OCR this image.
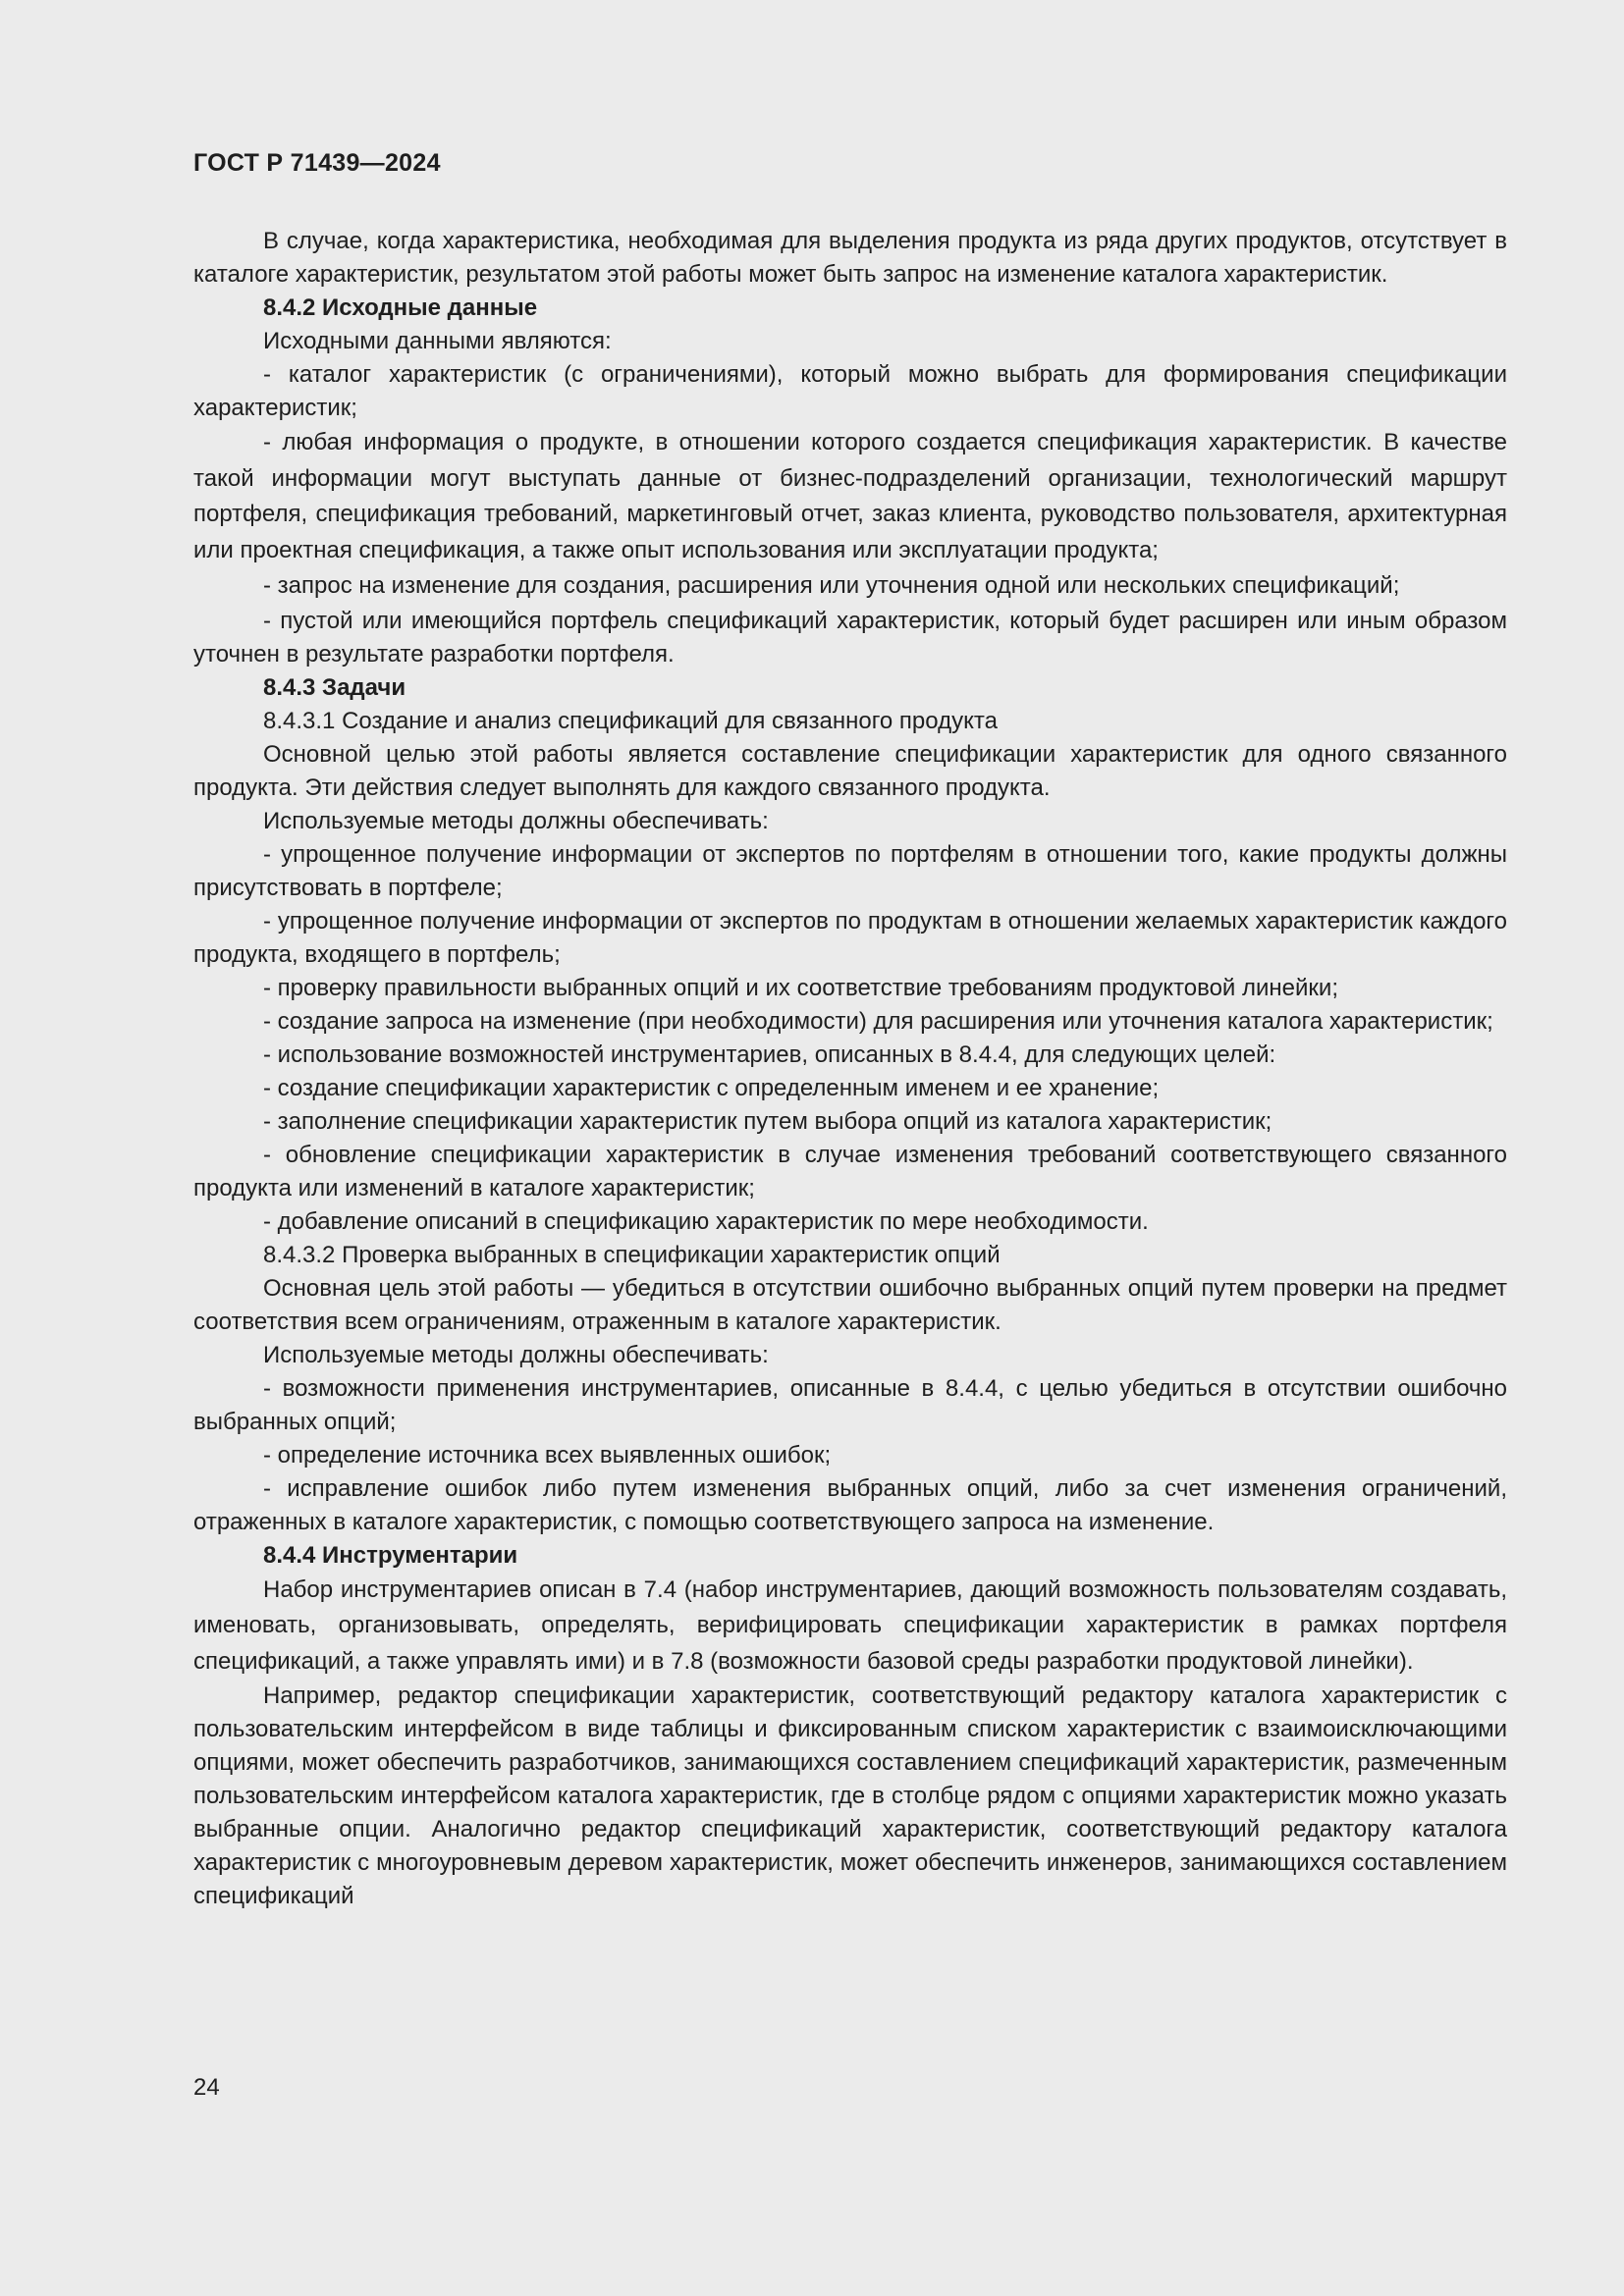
ГОСТ Р 71439—2024

В случае, когда характеристика, необходимая для выделения продукта из ряда других продуктов, отсутствует в каталоге характеристик, результатом этой работы может быть запрос на изменение каталога характеристик.

8.4.2 Исходные данные

Исходными данными являются:

- каталог характеристик (с ограничениями), который можно выбрать для формирования спецификации характеристик;

- любая информация о продукте, в отношении которого создается спецификация характеристик. В качестве такой информации могут выступать данные от бизнес-подразделений организации, технологический маршрут портфеля, спецификация требований, маркетинговый отчет, заказ клиента, руководство пользователя, архитектурная или проектная спецификация, а также опыт использования или эксплуатации продукта;

- запрос на изменение для создания, расширения или уточнения одной или нескольких спецификаций;

- пустой или имеющийся портфель спецификаций характеристик, который будет расширен или иным образом уточнен в результате разработки портфеля.

8.4.3 Задачи

8.4.3.1 Создание и анализ спецификаций для связанного продукта

Основной целью этой работы является составление спецификации характеристик для одного связанного продукта. Эти действия следует выполнять для каждого связанного продукта.

Используемые методы должны обеспечивать:

- упрощенное получение информации от экспертов по портфелям в отношении того, какие продукты должны присутствовать в портфеле;

- упрощенное получение информации от экспертов по продуктам в отношении желаемых характеристик каждого продукта, входящего в портфель;

- проверку правильности выбранных опций и их соответствие требованиям продуктовой линейки;

- создание запроса на изменение (при необходимости) для расширения или уточнения каталога характеристик;

- использование возможностей инструментариев, описанных в 8.4.4, для следующих целей:

- создание спецификации характеристик с определенным именем и ее хранение;

- заполнение спецификации характеристик путем выбора опций из каталога характеристик;

- обновление спецификации характеристик в случае изменения требований соответствующего связанного продукта или изменений в каталоге характеристик;

- добавление описаний в спецификацию характеристик по мере необходимости.

8.4.3.2 Проверка выбранных в спецификации характеристик опций

Основная цель этой работы — убедиться в отсутствии ошибочно выбранных опций путем проверки на предмет соответствия всем ограничениям, отраженным в каталоге характеристик.

Используемые методы должны обеспечивать:

- возможности применения инструментариев, описанные в 8.4.4, с целью убедиться в отсутствии ошибочно выбранных опций;

- определение источника всех выявленных ошибок;

- исправление ошибок либо путем изменения выбранных опций, либо за счет изменения ограничений, отраженных в каталоге характеристик, с помощью соответствующего запроса на изменение.

8.4.4 Инструментарии

Набор инструментариев описан в 7.4 (набор инструментариев, дающий возможность пользователям создавать, именовать, организовывать, определять, верифицировать спецификации характеристик в рамках портфеля спецификаций, а также управлять ими) и в 7.8 (возможности базовой среды разработки продуктовой линейки).

Например, редактор спецификации характеристик, соответствующий редактору каталога характеристик с пользовательским интерфейсом в виде таблицы и фиксированным списком характеристик с взаимоисключающими опциями, может обеспечить разработчиков, занимающихся составлением спецификаций характеристик, размеченным пользовательским интерфейсом каталога характеристик, где в столбце рядом с опциями характеристик можно указать выбранные опции. Аналогично редактор спецификаций характеристик, соответствующий редактору каталога характеристик с многоуровневым деревом характеристик, может обеспечить инженеров, занимающихся составлением спецификаций

24
